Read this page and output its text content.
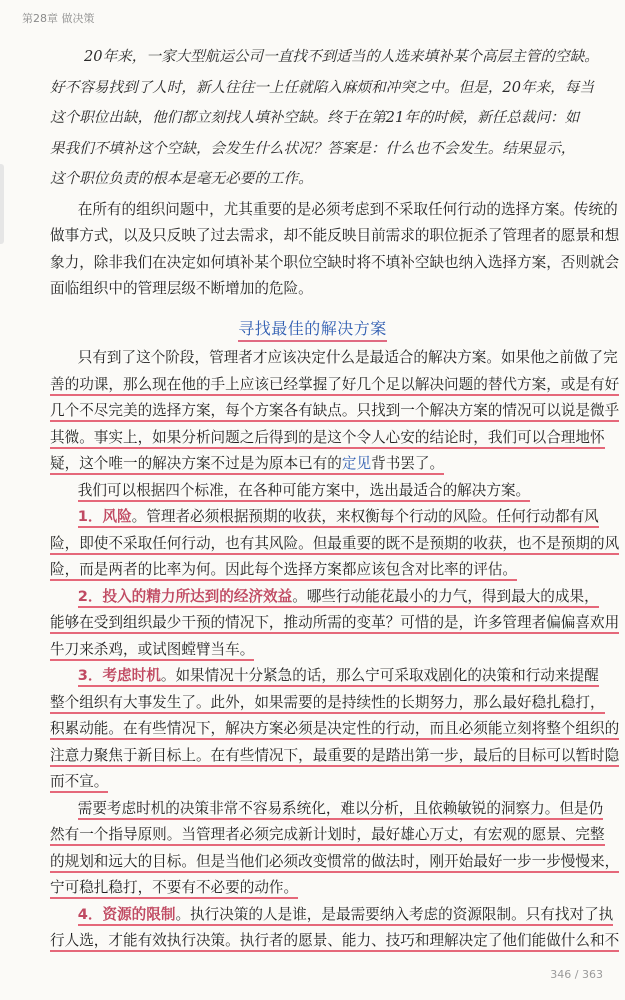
第28章 做决策
20年来，一家大型航运公司一直找不到适当的人选来填补某个高层主管的空缺。
好不容易找到了人时，新人往往一上任就陷入麻烦和冲突之中。但是，20年来，每当
这个职位出缺，他们都立刻找人填补空缺。终于在第21年的时候，新任总裁问：如
果我们不填补这个空缺，会发生什么状况？答案是：什么也不会发生。结果显示，
这个职位负责的根本是毫无必要的工作。
在所有的组织问题中，尤其重要的是必须考虑到不采取任何行动的选择方案。传统的
做事方式，以及只反映了过去需求，却不能反映目前需求的职位扼杀了管理者的愿景和想
象力，除非我们在决定如何填补某个职位空缺时将不填补空缺也纳入选择方案，否则就会
面临组织中的管理层级不断增加的危险。
寻找最佳的解决方案
只有到了这个阶段，管理者才应该决定什么是最适合的解决方案。如果他之前做了完
善的功课，那么现在他的手上应该已经掌握了好几个足以解决问题的替代方案，或是有好
几个不尽完美的选择方案，每个方案各有缺点。只找到一个解决方案的情况可以说是微乎
其微。事实上，如果分析问题之后得到的是这个令人心安的结论时，我们可以合理地怀
疑，这个唯一的解决方案不过是为原本已有的定见背书罢了。
我们可以根据四个标准，在各种可能方案中，选出最适合的解决方案。
1．风险。管理者必须根据预期的收获，来权衡每个行动的风险。任何行动都有风
险，即使不采取任何行动，也有其风险。但最重要的既不是预期的收获，也不是预期的风
险，而是两者的比率为何。因此每个选择方案都应该包含对比率的评估。
2．投入的精力所达到的经济效益。哪些行动能花最小的力气，得到最大的成果，
能够在受到组织最少干预的情况下，推动所需的变革？可惜的是，许多管理者偏偏喜欢用
牛刀来杀鸡，或试图螳臂当车。
3．考虑时机。如果情况十分紧急的话，那么宁可采取戏剧化的决策和行动来提醒
整个组织有大事发生了。此外，如果需要的是持续性的长期努力，那么最好稳扎稳打，
积累动能。在有些情况下，解决方案必须是决定性的行动，而且必须能立刻将整个组织的
注意力聚焦于新目标上。在有些情况下，最重要的是踏出第一步，最后的目标可以暂时隐
而不宣。
需要考虑时机的决策非常不容易系统化，难以分析，且依赖敏锐的洞察力。但是仍
然有一个指导原则。当管理者必须完成新计划时，最好雄心万丈，有宏观的愿景、完整
的规划和远大的目标。但是当他们必须改变惯常的做法时，刚开始最好一步一步慢慢来，
宁可稳扎稳打，不要有不必要的动作。
4．资源的限制。执行决策的人是谁，是最需要纳入考虑的资源限制。只有找对了执
行人选，才能有效执行决策。执行者的愿景、能力、技巧和理解决定了他们能做什么和不
346 / 363
